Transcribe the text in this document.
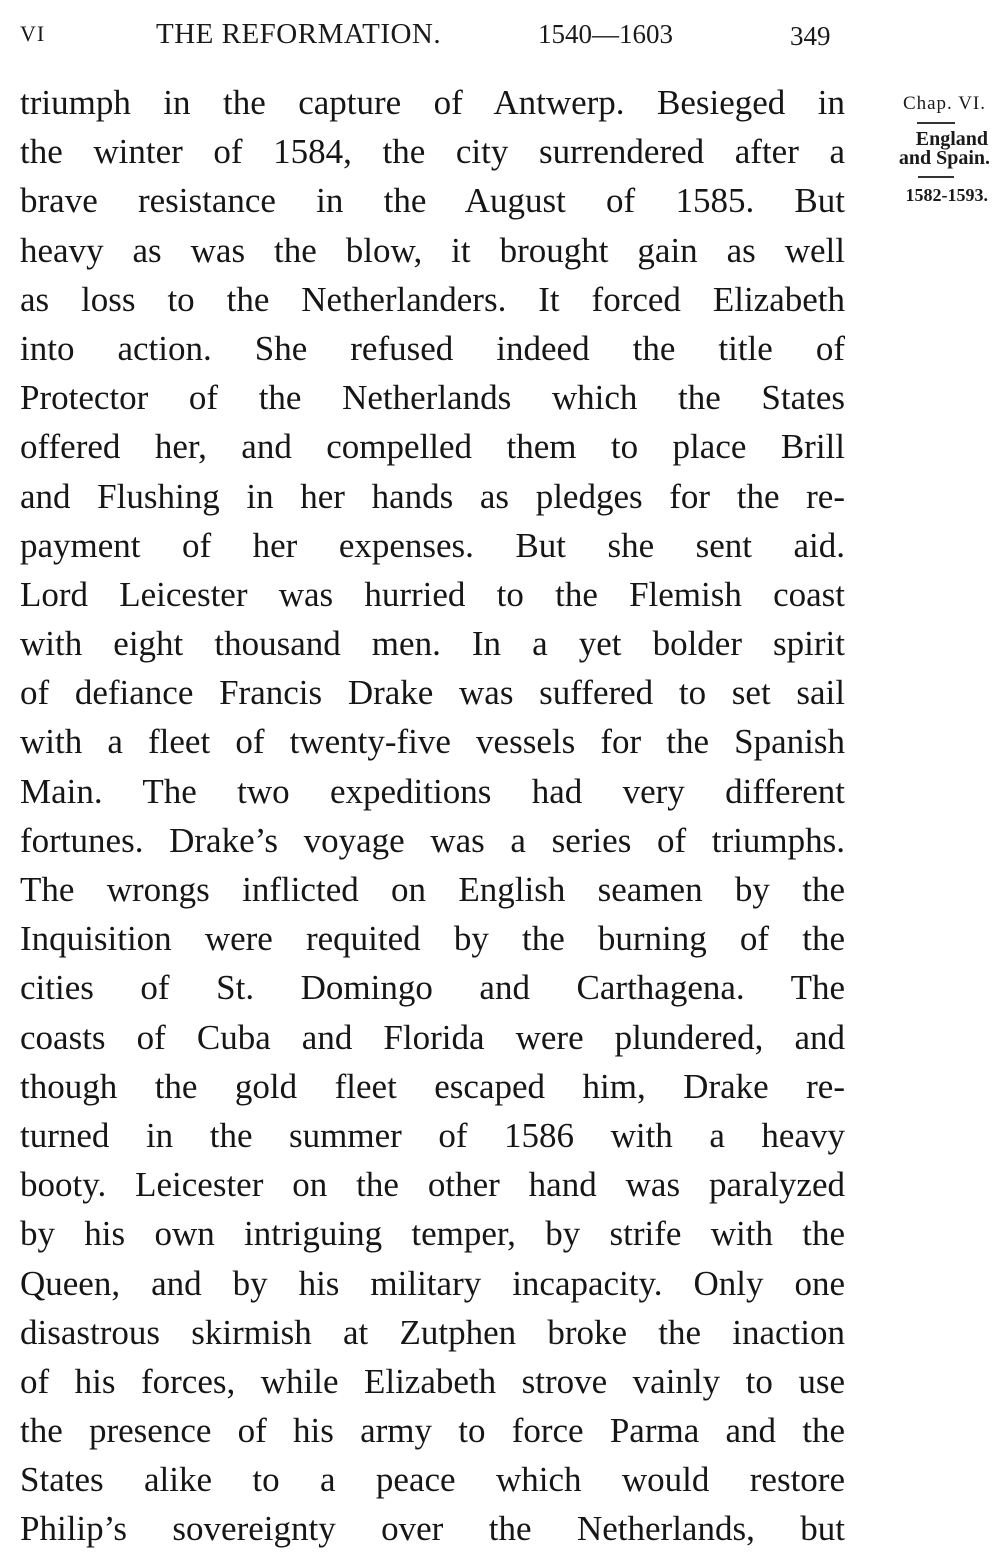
VI	THE REFORMATION.	1540—1603	349
triumph in the capture of Antwerp. Besieged in
the winter of 1584, the city surrendered after a
brave resistance in the August of 1585. But
heavy as was the blow, it brought gain as well
as loss to the Netherlanders. It forced Elizabeth
into action. She refused indeed the title of
Protector of the Netherlands which the States
offered her, and compelled them to place Brill
and Flushing in her hands as pledges for the re-
payment of her expenses. But she sent aid.
Lord Leicester was hurried to the Flemish coast
with eight thousand men. In a yet bolder spirit
of defiance Francis Drake was suffered to set sail
with a fleet of twenty-five vessels for the Spanish
Main. The two expeditions had very different
fortunes. Drake’s voyage was a series of triumphs.
The wrongs inflicted on English seamen by the
Inquisition were requited by the burning of the
cities of St. Domingo and Carthagena. The
coasts of Cuba and Florida were plundered, and
though the gold fleet escaped him, Drake re-
turned in the summer of 1586 with a heavy
booty. Leicester on the other hand was paralyzed
by his own intriguing temper, by strife with the
Queen, and by his military incapacity. Only one
disastrous skirmish at Zutphen broke the inaction
of his forces, while Elizabeth strove vainly to use
the presence of his army to force Parma and the
States alike to a peace which would restore
Philip’s sovereignty over the Netherlands, but
Chap. VI.
England
and Spain.
1582-1593.
